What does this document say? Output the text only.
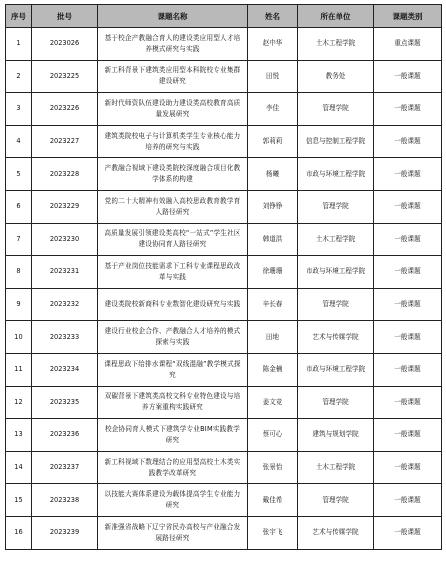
序号	批号	课题名称	姓名	所在单位	课题类别
1	2023026	基于校企产教融合育人的建设类应用型人才培养模式研究与实践	赵中华	土木工程学院	重点课题
2	2023225	新工科背景下建筑类应用型本科院校专业集群建设研究	田悦	教务处	一般课题
3	2023226	新时代师资队伍建设助力建设类高校教育高质量发展研究	李佳	管理学院	一般课题
4	2023227	建筑类院校电子与计算机类学生专业核心能力培养的研究与实践	郭莉莉	信息与控制工程学院	一般课题
5	2023228	产教融合视域下建设类院校深度融合项目化教学体系的构建	杨曦	市政与环境工程学院	一般课题
6	2023229	党的二十大精神有效融入高校思政教育教学育人路径研究	刘铮铮	管理学院	一般课题
7	2023230	高质量发展引领建设类高校“一站式”学生社区建设协同育人路径研究	韩道洪	土木工程学院	一般课题
8	2023231	基于产业岗位技能需求下工科专业课程思政改革与实践	徐珊珊	市政与环境工程学院	一般课题
9	2023232	建设类院校新商科专业数智化建设研究与实践	辛长春	管理学院	一般课题
10	2023233	建设行业校企合作、产教融合人才培养的模式探索与实践	田地	艺术与传媒学院	一般课题
11	2023234	课程思政下给排水课程“双线混融”教学模式探究	陈金楠	市政与环境工程学院	一般课题
12	2023235	双碳背景下建筑类高校文科专业特色建设与培养方案重构实践研究	姜文竞	管理学院	一般课题
13	2023236	校企协同育人模式下建筑学专业BIM实践教学研究	蔡可心	建筑与规划学院	一般课题
14	2023237	新工科视域下数理结合的应用型高校土木类实践教学改革研究	张景怡	土木工程学院	一般课题
15	2023238	以技能大赛体系建设为载体提高学生专业能力研究	戴佳希	管理学院	一般课题
16	2023239	新准强省战略下辽宁省民办高校与产业融合发展路径研究	张宇飞	艺术与传媒学院	一般课题
